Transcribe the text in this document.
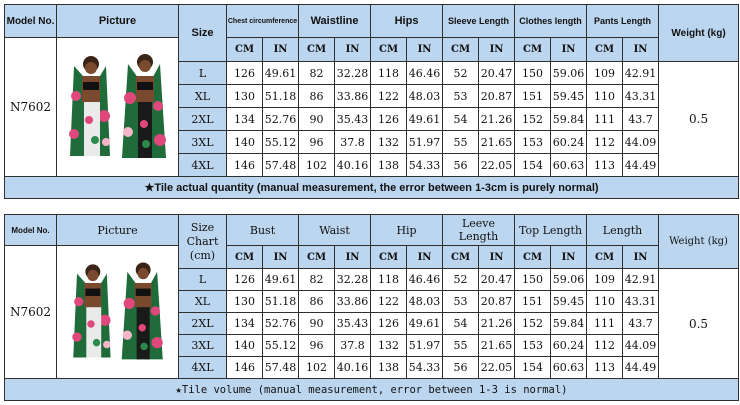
Model No.	Picture	Size	Chest circumference		Waistline		Hips		Sleeve Length		Clothes length		Pants Length		Weight (kg)
N7602			CM	IN	CM	IN	CM	IN	CM	IN	CM	IN	CM	IN	
		L	126	49.61	82	32.28	118	46.46	52	20.47	150	59.06	109	42.91	0.5
		XL	130	51.18	86	33.86	122	48.03	53	20.87	151	59.45	110	43.31	
		2XL	134	52.76	90	35.43	126	49.61	54	21.26	152	59.84	111	43.7	
		3XL	140	55.12	96	37.8	132	51.97	55	21.65	153	60.24	112	44.09	
		4XL	146	57.48	102	40.16	138	54.33	56	22.05	154	60.63	113	44.49	
★Tile actual quantity (manual measurement, the error between 1-3cm is purely normal)															
Model No.	Picture	Size Chart (cm)	Bust		Waist		Hip		Leeve Length		Top Length		Length		Weight (kg)
N7602			CM	IN	CM	IN	CM	IN	CM	IN	CM	IN	CM	IN	
		L	126	49.61	82	32.28	118	46.46	52	20.47	150	59.06	109	42.91	0.5
		XL	130	51.18	86	33.86	122	48.03	53	20.87	151	59.45	110	43.31	
		2XL	134	52.76	90	35.43	126	49.61	54	21.26	152	59.84	111	43.7	
		3XL	140	55.12	96	37.8	132	51.97	55	21.65	153	60.24	112	44.09	
		4XL	146	57.48	102	40.16	138	54.33	56	22.05	154	60.63	113	44.49	
★Tile volume (manual measurement, error between 1-3 is normal)															
